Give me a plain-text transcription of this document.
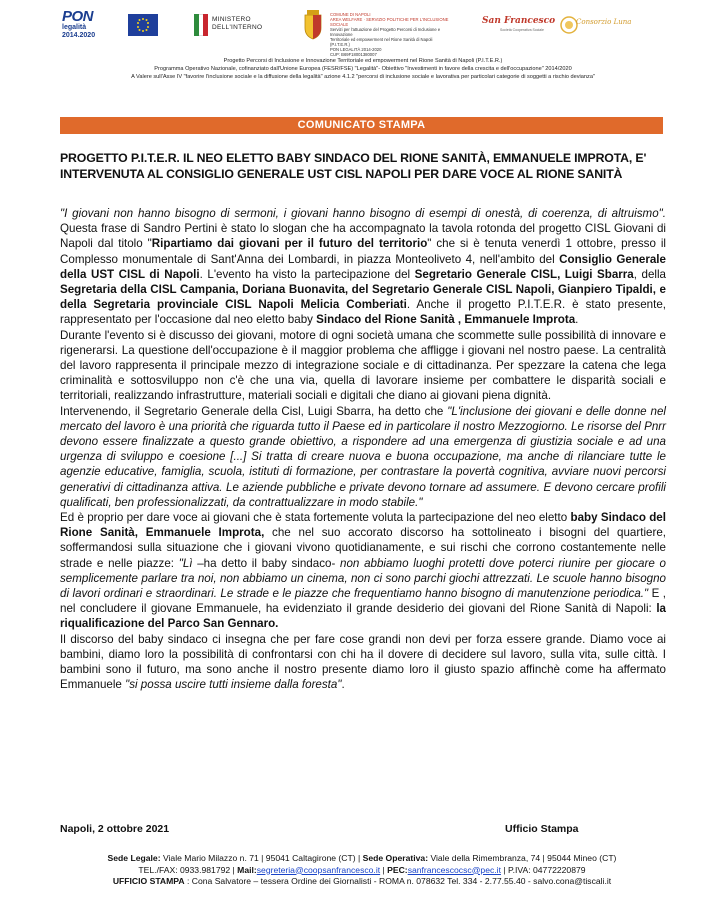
PON
legalità
2014.2020
MINISTERO
DELL'INTERNO
COMUNE DI NAPOLI
AREA WELFARE · SERVIZIO POLITICHE PER L'INCLUSIONE SOCIALE
Servizi per l'attuazione del Progetto Percorsi di Inclusione e Innovazione
Territoriale ed empowerment nel Rione Sanità di Napoli (P.I.T.E.R.)
PON LEGALITÀ 2014-2020
CUP: B69F18001380007
San Francesco
Società Cooperativa Sociale
Consorzio Luna
Progetto Percorsi di Inclusione e Innovazione Territoriale ed empowerment nel Rione Sanità di Napoli (P.I.T.E.R.)
Programma Operativo Nazionale, cofinanziato dall'Unione Europea (FESR/FSE) "Legalità"- Obiettivo "Investimenti in favore della crescita e dell'occupazione" 2014/2020
A Valere sull'Asse IV "favorire l'inclusione sociale e la diffusione della legalità" azione 4.1.2 "percorsi di inclusione sociale e lavorativa per particolari categorie di soggetti a rischio devianza"
COMUNICATO STAMPA
PROGETTO P.I.T.E.R. IL NEO ELETTO BABY SINDACO DEL RIONE SANITÀ, EMMANUELE IMPROTA, E' INTERVENUTA AL CONSIGLIO GENERALE UST CISL NAPOLI PER DARE VOCE AL RIONE SANITÀ

"I giovani non hanno bisogno di sermoni, i giovani hanno bisogno di esempi di onestà, di coerenza, di altruismo". Questa frase di Sandro Pertini è stato lo slogan che ha accompagnato la tavola rotonda del progetto CISL Giovani di Napoli dal titolo "Ripartiamo dai giovani per il futuro del territorio" che si è tenuta venerdì 1 ottobre, presso il Complesso monumentale di Sant'Anna dei Lombardi, in piazza Monteoliveto 4, nell'ambito del Consiglio Generale della UST CISL di Napoli. L'evento ha visto la partecipazione del Segretario Generale CISL, Luigi Sbarra, della Segretaria della CISL Campania, Doriana Buonavita, del Segretario Generale CISL Napoli, Gianpiero Tipaldi, e della Segretaria provinciale CISL Napoli Melicia Comberiati. Anche il progetto P.I.T.E.R. è stato presente, rappresentato per l'occasione dal neo eletto baby Sindaco del Rione Sanità , Emmanuele Improta.

Durante l'evento si è discusso dei giovani, motore di ogni società umana che scommette sulle possibilità di innovare e rigenerarsi. La questione dell'occupazione è il maggior problema che affligge i giovani nel nostro paese. La centralità del lavoro rappresenta il principale mezzo di integrazione sociale e di cittadinanza. Per spezzare la catena che lega criminalità e sottosviluppo non c'è che una via, quella di lavorare insieme per combattere le disparità sociali e territoriali, realizzando infrastrutture, materiali sociali e digitali che diano ai giovani piena dignità.

Intervenendo, il Segretario Generale della Cisl, Luigi Sbarra, ha detto che "L'inclusione dei giovani e delle donne nel mercato del lavoro è una priorità che riguarda tutto il Paese ed in particolare il nostro Mezzogiorno. Le risorse del Pnrr devono essere finalizzate a questo grande obiettivo, a rispondere ad una emergenza di giustizia sociale e ad una urgenza di sviluppo e coesione [...] Si tratta di creare nuova e buona occupazione, ma anche di rilanciare tutte le agenzie educative, famiglia, scuola, istituti di formazione, per contrastare la povertà cognitiva, avviare nuovi percorsi generativi di cittadinanza attiva. Le aziende pubbliche e private devono tornare ad assumere. E devono cercare profili qualificati, ben professionalizzati, da contrattualizzare in modo stabile."

Ed è proprio per dare voce ai giovani che è stata fortemente voluta la partecipazione del neo eletto baby Sindaco del Rione Sanità, Emmanuele Improta, che nel suo accorato discorso ha sottolineato i bisogni del quartiere, soffermandosi sulla situazione che i giovani vivono quotidianamente, e sui rischi che corrono costantemente nelle strade e nelle piazze: "Lì –ha detto il baby sindaco- non abbiamo luoghi protetti dove poterci riunire per giocare o semplicemente parlare tra noi, non abbiamo un cinema, non ci sono parchi giochi attrezzati. Le scuole hanno bisogno di lavori ordinari e straordinari. Le strade e le piazze che frequentiamo hanno bisogno di manutenzione periodica." E , nel concludere il giovane Emmanuele, ha evidenziato il grande desiderio dei giovani del Rione Sanità di Napoli: la riqualificazione del Parco San Gennaro.

Il discorso del baby sindaco ci insegna che per fare cose grandi non devi per forza essere grande. Diamo voce ai bambini, diamo loro la possibilità di confrontarsi con chi ha il dovere di decidere sul lavoro, sulla vita, sulle città. I bambini sono il futuro, ma sono anche il nostro presente diamo loro il giusto spazio affinchè come ha affermato Emmanuele "si possa uscire tutti insieme dalla foresta".

Napoli, 2 ottobre 2021	Ufficio Stampa
Sede Legale: Viale Mario Milazzo n. 71 | 95041 Caltagirone (CT) | Sede Operativa: Viale della Rimembranza, 74 | 95044 Mineo (CT)
TEL./FAX: 0933.981792 | Mail:segreteria@coopsanfrancesco.it | PEC:sanfrancescocsc@pec.it | P.IVA: 04772220879
UFFICIO STAMPA : Cona Salvatore – tessera Ordine dei Giornalisti - ROMA n. 078632 Tel. 334 - 2.77.55.40 - salvo.cona@tiscali.it
